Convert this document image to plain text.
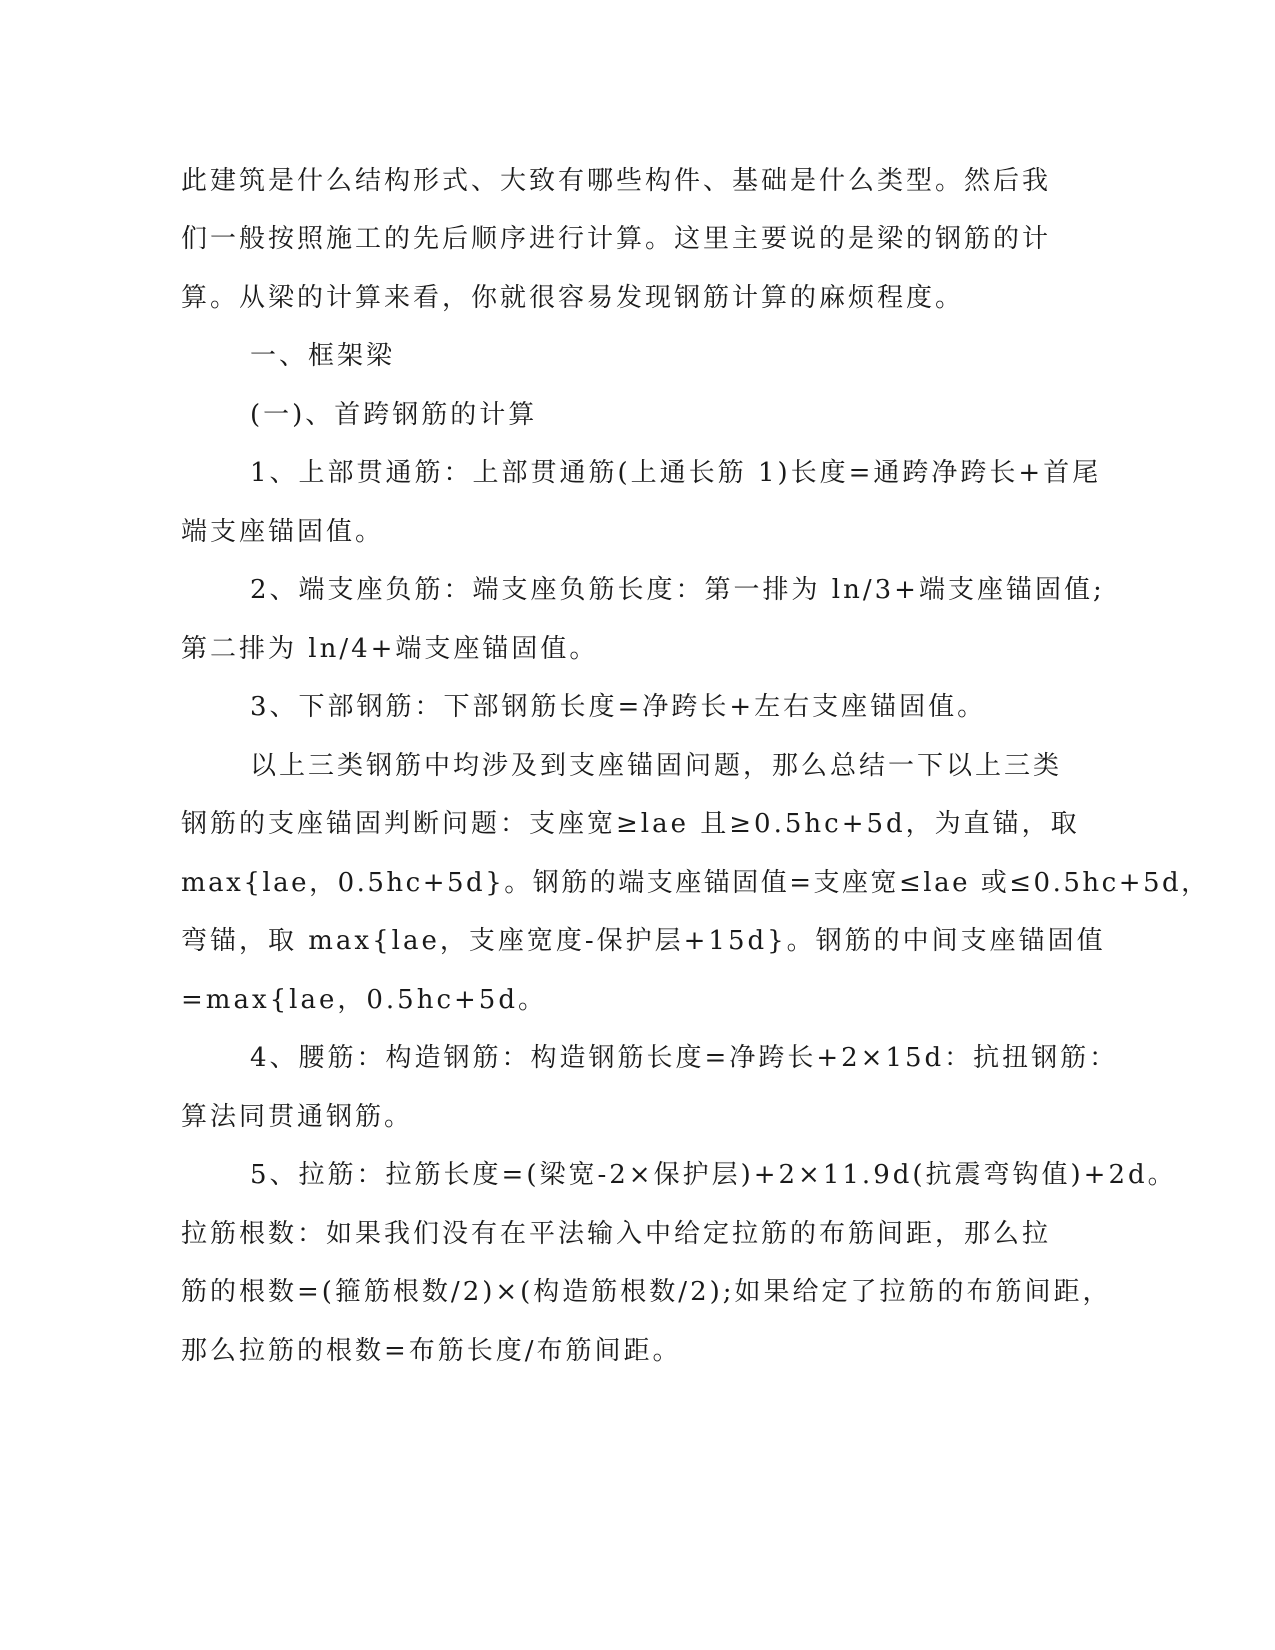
此建筑是什么结构形式、大致有哪些构件、基础是什么类型。然后我

们一般按照施工的先后顺序进行计算。这里主要说的是梁的钢筋的计

算。从梁的计算来看，你就很容易发现钢筋计算的麻烦程度。

一、框架梁

(一)、首跨钢筋的计算

1、上部贯通筋：上部贯通筋(上通长筋 1)长度=通跨净跨长+首尾

端支座锚固值。

2、端支座负筋：端支座负筋长度：第一排为 ln/3+端支座锚固值;

第二排为 ln/4+端支座锚固值。

3、下部钢筋：下部钢筋长度=净跨长+左右支座锚固值。

以上三类钢筋中均涉及到支座锚固问题，那么总结一下以上三类

钢筋的支座锚固判断问题：支座宽≥lae 且≥0.5hc+5d，为直锚，取

max{lae，0.5hc+5d}。钢筋的端支座锚固值=支座宽≤lae 或≤0.5hc+5d，

弯锚，取 max{lae，支座宽度-保护层+15d}。钢筋的中间支座锚固值

=max{lae，0.5hc+5d。

4、腰筋：构造钢筋：构造钢筋长度=净跨长+2×15d：抗扭钢筋：

算法同贯通钢筋。

5、拉筋：拉筋长度=(梁宽-2×保护层)+2×11.9d(抗震弯钩值)+2d。

拉筋根数：如果我们没有在平法输入中给定拉筋的布筋间距，那么拉

筋的根数=(箍筋根数/2)×(构造筋根数/2);如果给定了拉筋的布筋间距，

那么拉筋的根数=布筋长度/布筋间距。
